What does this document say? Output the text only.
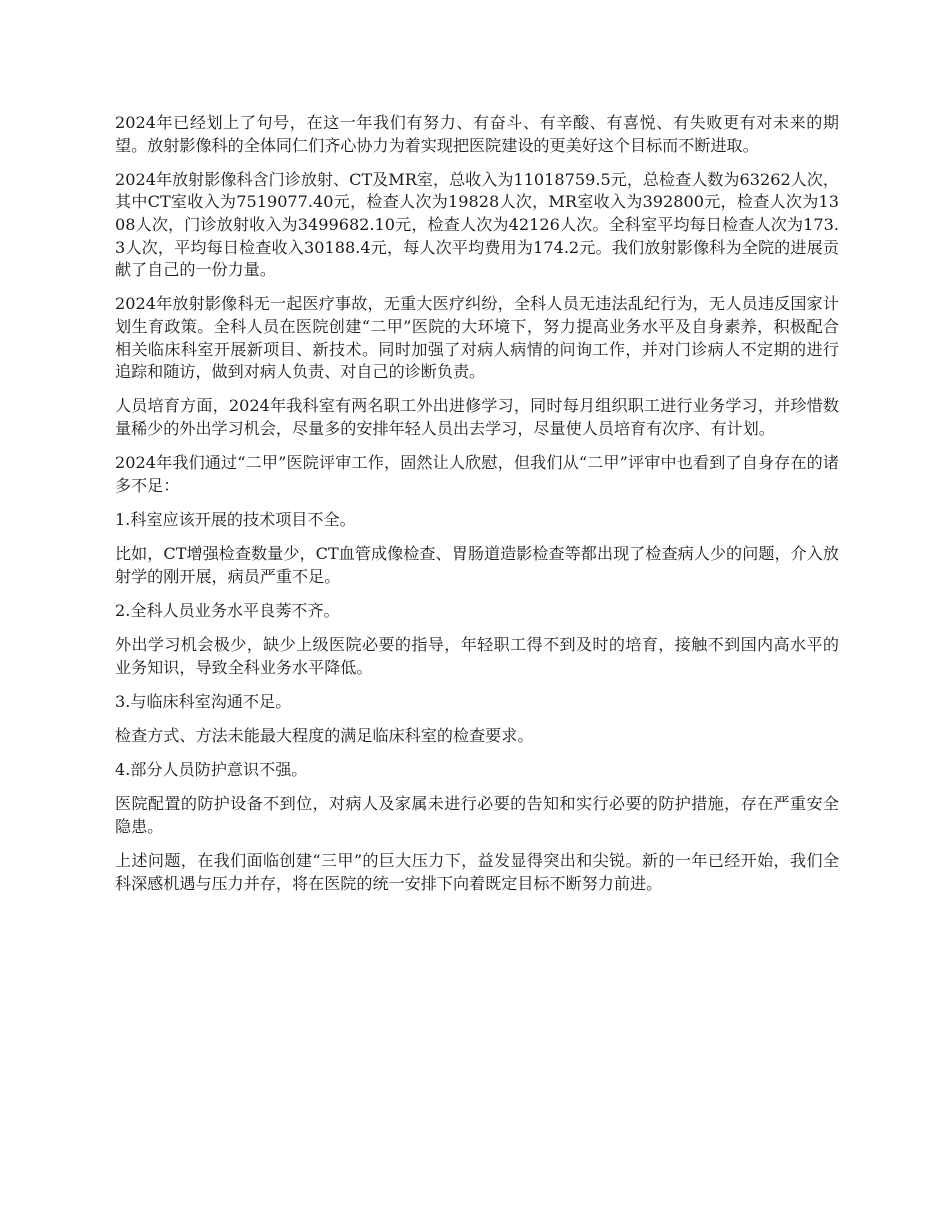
2024年已经划上了句号，在这一年我们有努力、有奋斗、有辛酸、有喜悦、有失败更有对未来的期望。放射影像科的全体同仁们齐心协力为着实现把医院建设的更美好这个目标而不断进取。

2024年放射影像科含门诊放射、CT及MR室，总收入为11018759.5元，总检查人数为63262人次，其中CT室收入为7519077.40元，检查人次为19828人次，MR室收入为392800元，检查人次为1308人次，门诊放射收入为3499682.10元，检查人次为42126人次。全科室平均每日检查人次为173.3人次，平均每日检查收入30188.4元，每人次平均费用为174.2元。我们放射影像科为全院的进展贡献了自己的一份力量。

2024年放射影像科无一起医疗事故，无重大医疗纠纷，全科人员无违法乱纪行为，无人员违反国家计划生育政策。全科人员在医院创建“二甲”医院的大环境下，努力提高业务水平及自身素养，积极配合相关临床科室开展新项目、新技术。同时加强了对病人病情的问询工作，并对门诊病人不定期的进行追踪和随访，做到对病人负责、对自己的诊断负责。

人员培育方面，2024年我科室有两名职工外出进修学习，同时每月组织职工进行业务学习，并珍惜数量稀少的外出学习机会，尽量多的安排年轻人员出去学习，尽量使人员培育有次序、有计划。

2024年我们通过“二甲”医院评审工作，固然让人欣慰，但我们从“二甲”评审中也看到了自身存在的诸多不足：

1.科室应该开展的技术项目不全。

比如，CT增强检查数量少，CT血管成像检查、胃肠道造影检查等都出现了检查病人少的问题，介入放射学的刚开展，病员严重不足。

2.全科人员业务水平良莠不齐。

外出学习机会极少，缺少上级医院必要的指导，年轻职工得不到及时的培育，接触不到国内高水平的业务知识，导致全科业务水平降低。

3.与临床科室沟通不足。

检查方式、方法未能最大程度的满足临床科室的检查要求。

4.部分人员防护意识不强。

医院配置的防护设备不到位，对病人及家属未进行必要的告知和实行必要的防护措施，存在严重安全隐患。

上述问题，在我们面临创建“三甲”的巨大压力下，益发显得突出和尖锐。新的一年已经开始，我们全科深感机遇与压力并存，将在医院的统一安排下向着既定目标不断努力前进。
